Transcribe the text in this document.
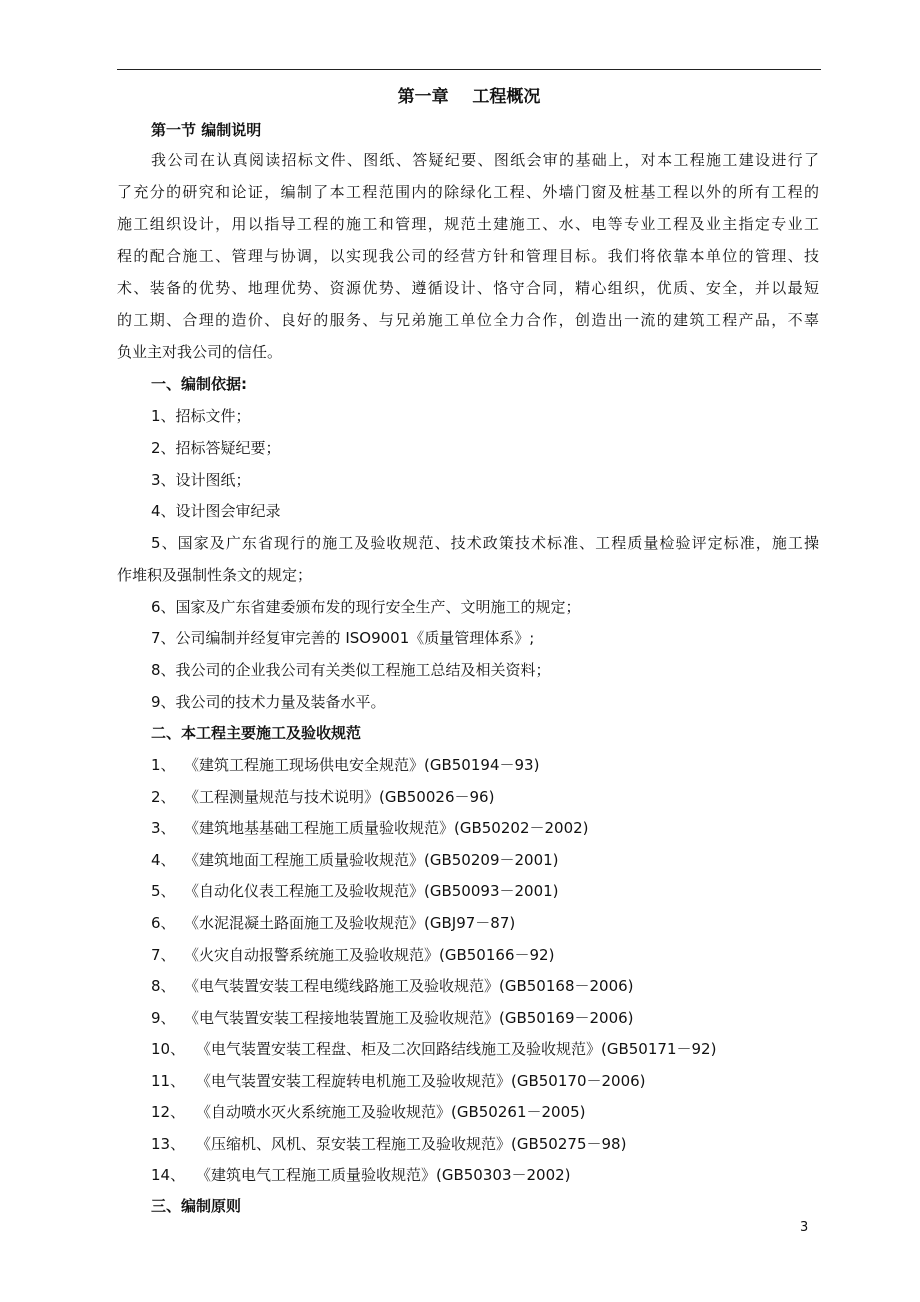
第一章    工程概况
第一节 编制说明
我公司在认真阅读招标文件、图纸、答疑纪要、图纸会审的基础上，对本工程施工建设进行了
了充分的研究和论证，编制了本工程范围内的除绿化工程、外墙门窗及桩基工程以外的所有工程的
施工组织设计，用以指导工程的施工和管理，规范土建施工、水、电等专业工程及业主指定专业工
程的配合施工、管理与协调，以实现我公司的经营方针和管理目标。我们将依靠本单位的管理、技
术、装备的优势、地理优势、资源优势、遵循设计、恪守合同，精心组织，优质、安全，并以最短
的工期、合理的造价、良好的服务、与兄弟施工单位全力合作，创造出一流的建筑工程产品，不辜
负业主对我公司的信任。
一、编制依据:
1、招标文件；
2、招标答疑纪要；
3、设计图纸；
4、设计图会审纪录
5、国家及广东省现行的施工及验收规范、技术政策技术标准、工程质量检验评定标准，施工操
作堆积及强制性条文的规定；
6、国家及广东省建委颁布发的现行安全生产、文明施工的规定；
7、公司编制并经复审完善的 ISO9001《质量管理体系》;
8、我公司的企业我公司有关类似工程施工总结及相关资料；
9、我公司的技术力量及装备水平。
二、本工程主要施工及验收规范
1、 《建筑工程施工现场供电安全规范》(GB50194－93)
2、 《工程测量规范与技术说明》(GB50026－96)
3、 《建筑地基基础工程施工质量验收规范》(GB50202－2002)
4、 《建筑地面工程施工质量验收规范》(GB50209－2001)
5、 《自动化仪表工程施工及验收规范》(GB50093－2001)
6、 《水泥混凝土路面施工及验收规范》(GBJ97－87)
7、 《火灾自动报警系统施工及验收规范》(GB50166－92)
8、 《电气装置安装工程电缆线路施工及验收规范》(GB50168－2006)
9、 《电气装置安装工程接地装置施工及验收规范》(GB50169－2006)
10、 《电气装置安装工程盘、柜及二次回路结线施工及验收规范》(GB50171－92)
11、 《电气装置安装工程旋转电机施工及验收规范》(GB50170－2006)
12、 《自动喷水灭火系统施工及验收规范》(GB50261－2005)
13、 《压缩机、风机、泵安装工程施工及验收规范》(GB50275－98)
14、 《建筑电气工程施工质量验收规范》(GB50303－2002)
三、编制原则
3
